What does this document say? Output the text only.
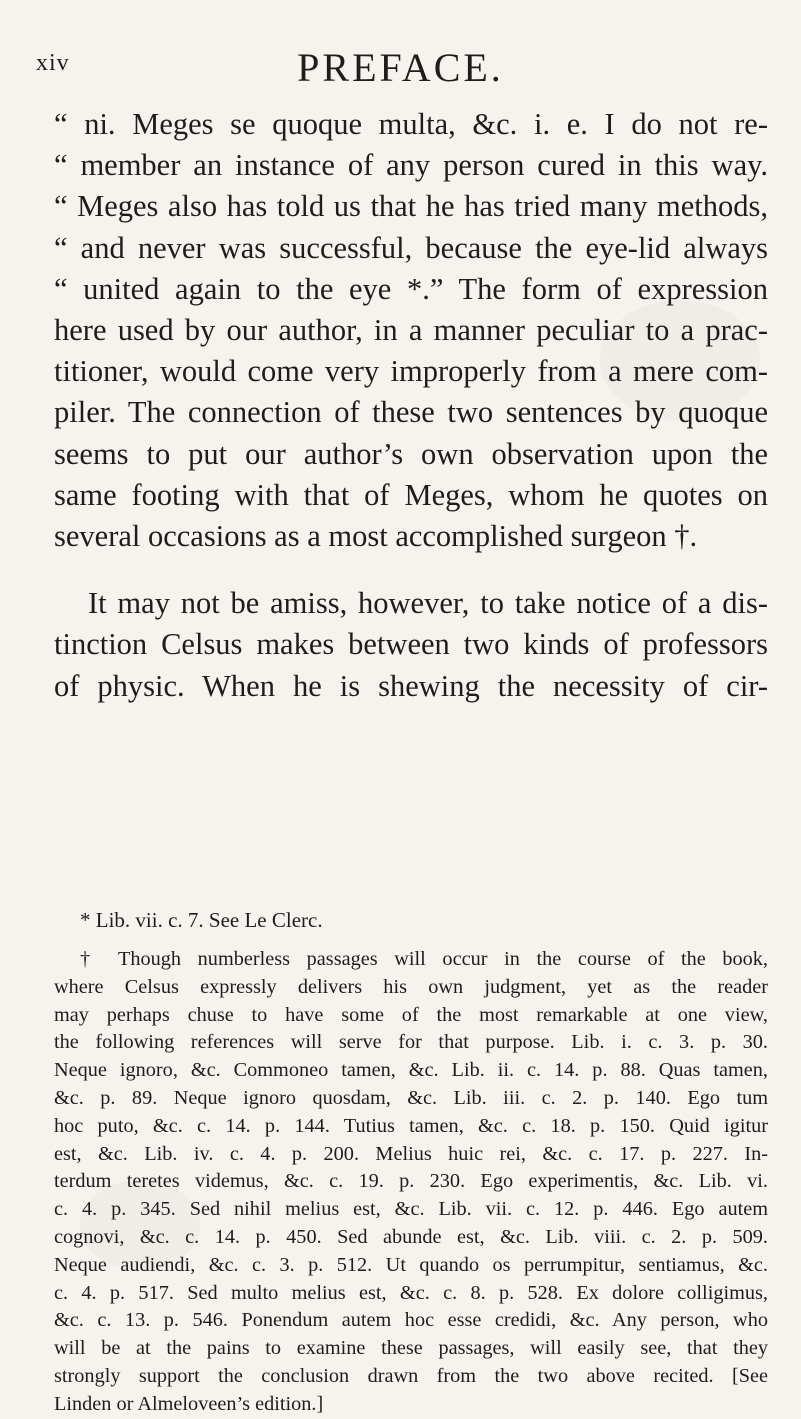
xiv	PREFACE.
“ ni. Meges se quoque multa, &c. i. e. I do not re-
“ member an instance of any person cured in this way.
“ Meges also has told us that he has tried many methods,
“ and never was successful, because the eye-lid always
“ united again to the eye *.” The form of expression
here used by our author, in a manner peculiar to a prac-
titioner, would come very improperly from a mere com-
piler. The connection of these two sentences by quoque
seems to put our author’s own observation upon the
same footing with that of Meges, whom he quotes on
several occasions as a most accomplished surgeon †.
It may not be amiss, however, to take notice of a dis-
tinction Celsus makes between two kinds of professors
of physic. When he is shewing the necessity of cir-
* Lib. vii. c. 7. See Le Clerc.
† Though numberless passages will occur in the course of the book,
where Celsus expressly delivers his own judgment, yet as the reader
may perhaps chuse to have some of the most remarkable at one view,
the following references will serve for that purpose. Lib. i. c. 3. p. 30.
Neque ignoro, &c. Commoneo tamen, &c. Lib. ii. c. 14. p. 88. Quas tamen,
&c. p. 89. Neque ignoro quosdam, &c. Lib. iii. c. 2. p. 140. Ego tum
hoc puto, &c. c. 14. p. 144. Tutius tamen, &c. c. 18. p. 150. Quid igitur
est, &c. Lib. iv. c. 4. p. 200. Melius huic rei, &c. c. 17. p. 227. In-
terdum teretes videmus, &c. c. 19. p. 230. Ego experimentis, &c. Lib. vi.
c. 4. p. 345. Sed nihil melius est, &c. Lib. vii. c. 12. p. 446. Ego autem
cognovi, &c. c. 14. p. 450. Sed abunde est, &c. Lib. viii. c. 2. p. 509.
Neque audiendi, &c. c. 3. p. 512. Ut quando os perrumpitur, sentiamus, &c.
c. 4. p. 517. Sed multo melius est, &c. c. 8. p. 528. Ex dolore colligimus,
&c. c. 13. p. 546. Ponendum autem hoc esse credidi, &c. Any person, who
will be at the pains to examine these passages, will easily see, that they
strongly support the conclusion drawn from the two above recited. [See
Linden or Almeloveen’s edition.]
